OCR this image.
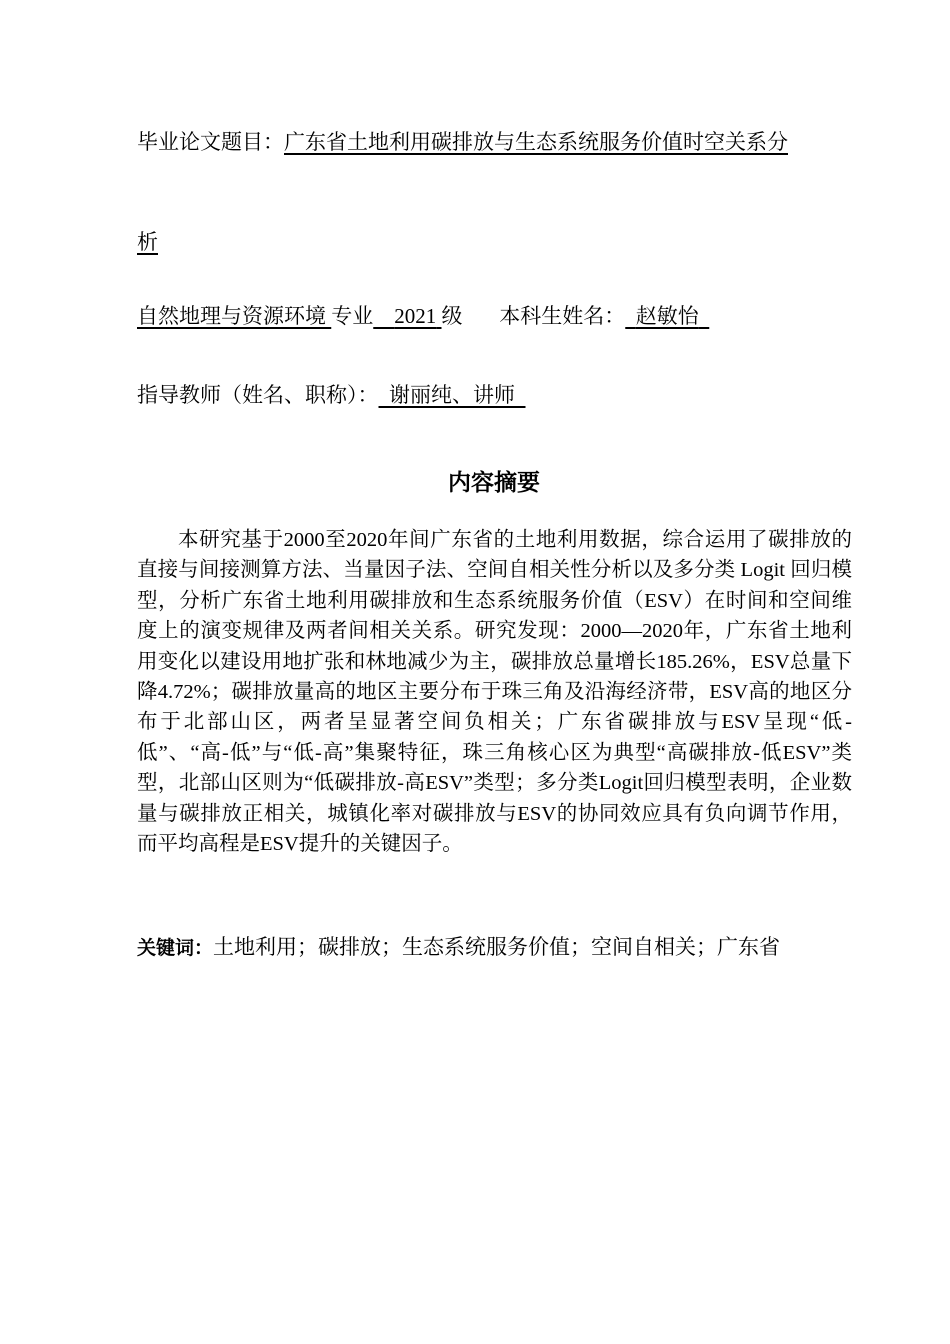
毕业论文题目：广东省土地利用碳排放与生态系统服务价值时空关系分
析
自然地理与资源环境 专业 2021 级 本科生姓名： 赵敏怡
指导教师（姓名、职称）： 谢丽纯、讲师
内容摘要

本研究基于2000至2020年间广东省的土地利用数据，综合运用了碳排放的直接与间接测算方法、当量因子法、空间自相关性分析以及多分类 Logit 回归模型，分析广东省土地利用碳排放和生态系统服务价值（ESV）在时间和空间维度上的演变规律及两者间相关关系。研究发现：2000—2020年，广东省土地利用变化以建设用地扩张和林地减少为主，碳排放总量增长185.26%，ESV总量下降4.72%；碳排放量高的地区主要分布于珠三角及沿海经济带，ESV高的地区分布于北部山区，两者呈显著空间负相关；广东省碳排放与ESV呈现“低-低”、“高-低”与“低-高”集聚特征，珠三角核心区为典型“高碳排放-低ESV”类型，北部山区则为“低碳排放-高ESV”类型；多分类Logit回归模型表明，企业数量与碳排放正相关，城镇化率对碳排放与ESV的协同效应具有负向调节作用，而平均高程是ESV提升的关键因子。

关键词：土地利用；碳排放；生态系统服务价值；空间自相关；广东省
